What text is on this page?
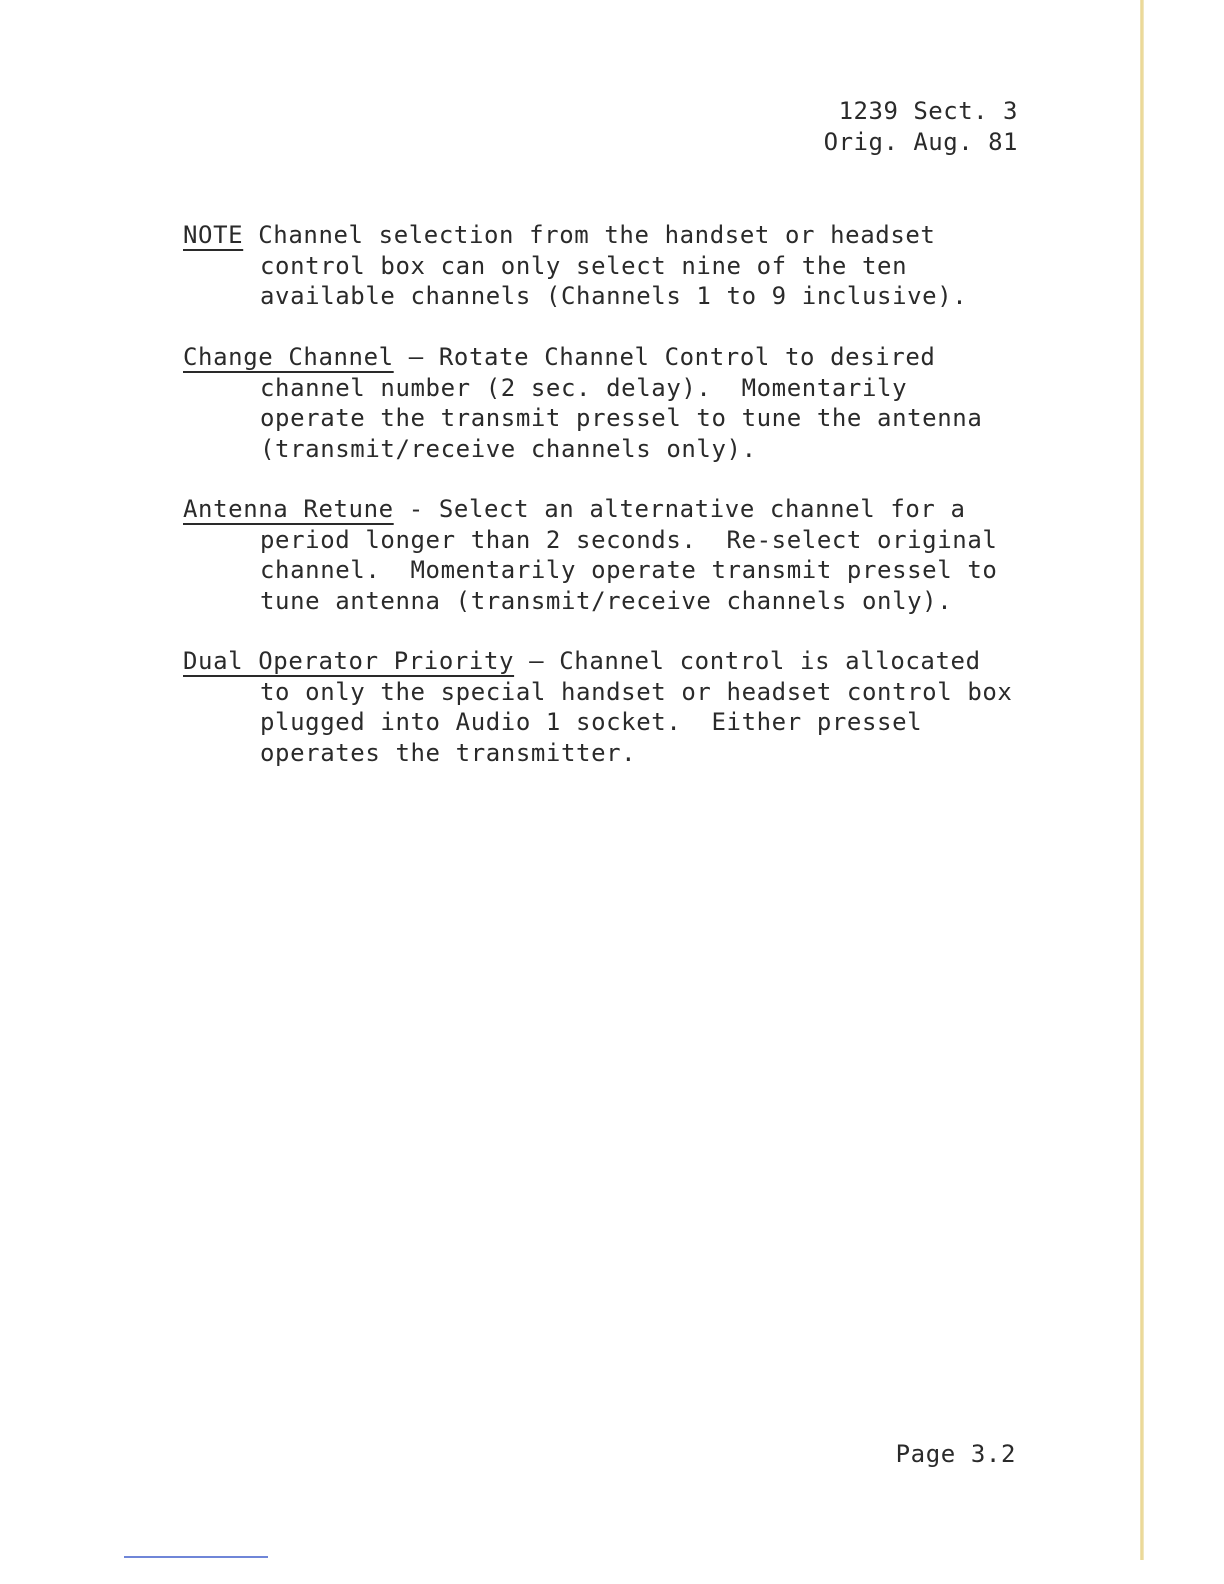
1239 Sect. 3
Orig. Aug. 81
NOTE Channel selection from the handset or headset
control box can only select nine of the ten
available channels (Channels 1 to 9 inclusive).
Change Channel – Rotate Channel Control to desired
channel number (2 sec. delay).  Momentarily
operate the transmit pressel to tune the antenna
(transmit/receive channels only).
Antenna Retune - Select an alternative channel for a
period longer than 2 seconds.  Re-select original
channel.  Momentarily operate transmit pressel to
tune antenna (transmit/receive channels only).
Dual Operator Priority – Channel control is allocated
to only the special handset or headset control box
plugged into Audio 1 socket.  Either pressel
operates the transmitter.
Page 3.2
